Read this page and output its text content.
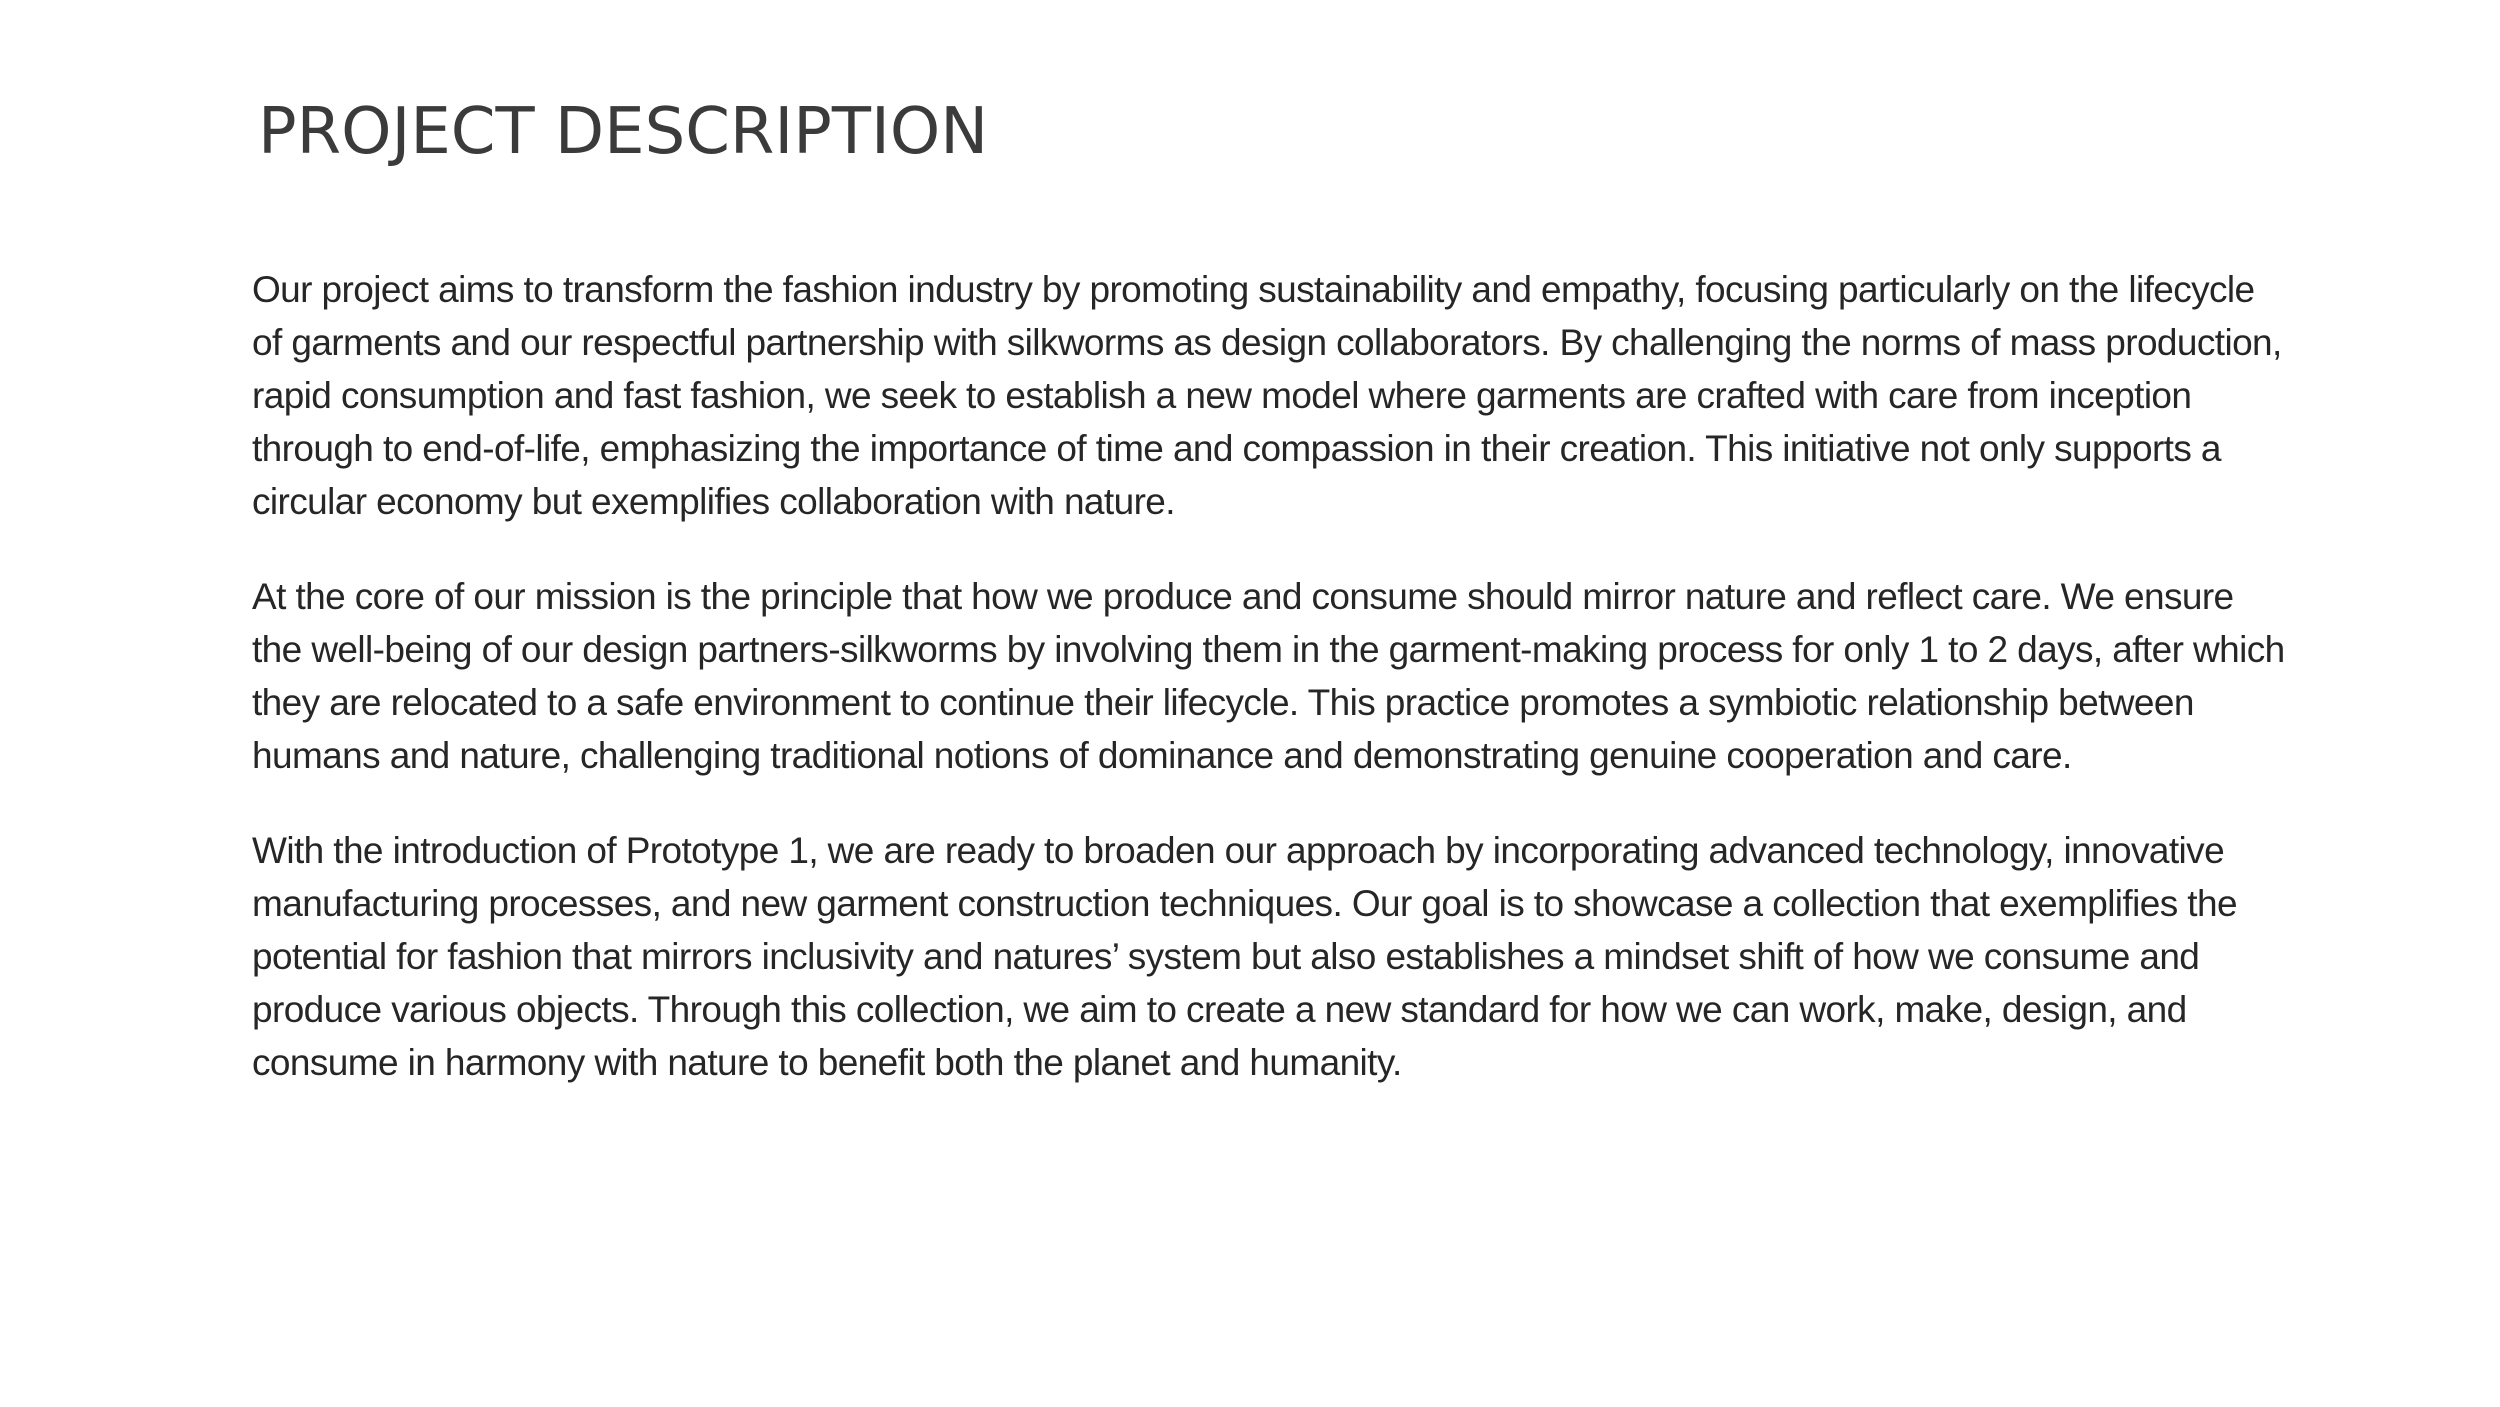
PROJECT DESCRIPTION

Our project aims to transform the fashion industry by promoting sustainability and empathy, focusing particularly on the lifecycle of garments and our respectful partnership with silkworms as design collaborators. By challenging the norms of mass production, rapid consumption and fast fashion, we seek to establish a new model where garments are crafted with care from inception through to end-of-life, emphasizing the importance of time and compassion in their creation. This initiative not only supports a circular economy but exemplifies collaboration with nature.

At the core of our mission is the principle that how we produce and consume should mirror nature and reflect care. We ensure the well-being of our design partners-silkworms by involving them in the garment-making process for only 1 to 2 days, after which they are relocated to a safe environment to continue their lifecycle. This practice promotes a symbiotic relationship between humans and nature, challenging traditional notions of dominance and demonstrating genuine cooperation and care.

With the introduction of Prototype 1, we are ready to broaden our approach by incorporating advanced technology, innovative manufacturing processes, and new garment construction techniques. Our goal is to showcase a collection that exemplifies the potential for fashion that mirrors inclusivity and natures’ system but also establishes a mindset shift of how we consume and produce various objects. Through this collection, we aim to create a new standard for how we can work, make, design, and consume in harmony with nature to benefit both the planet and humanity.
